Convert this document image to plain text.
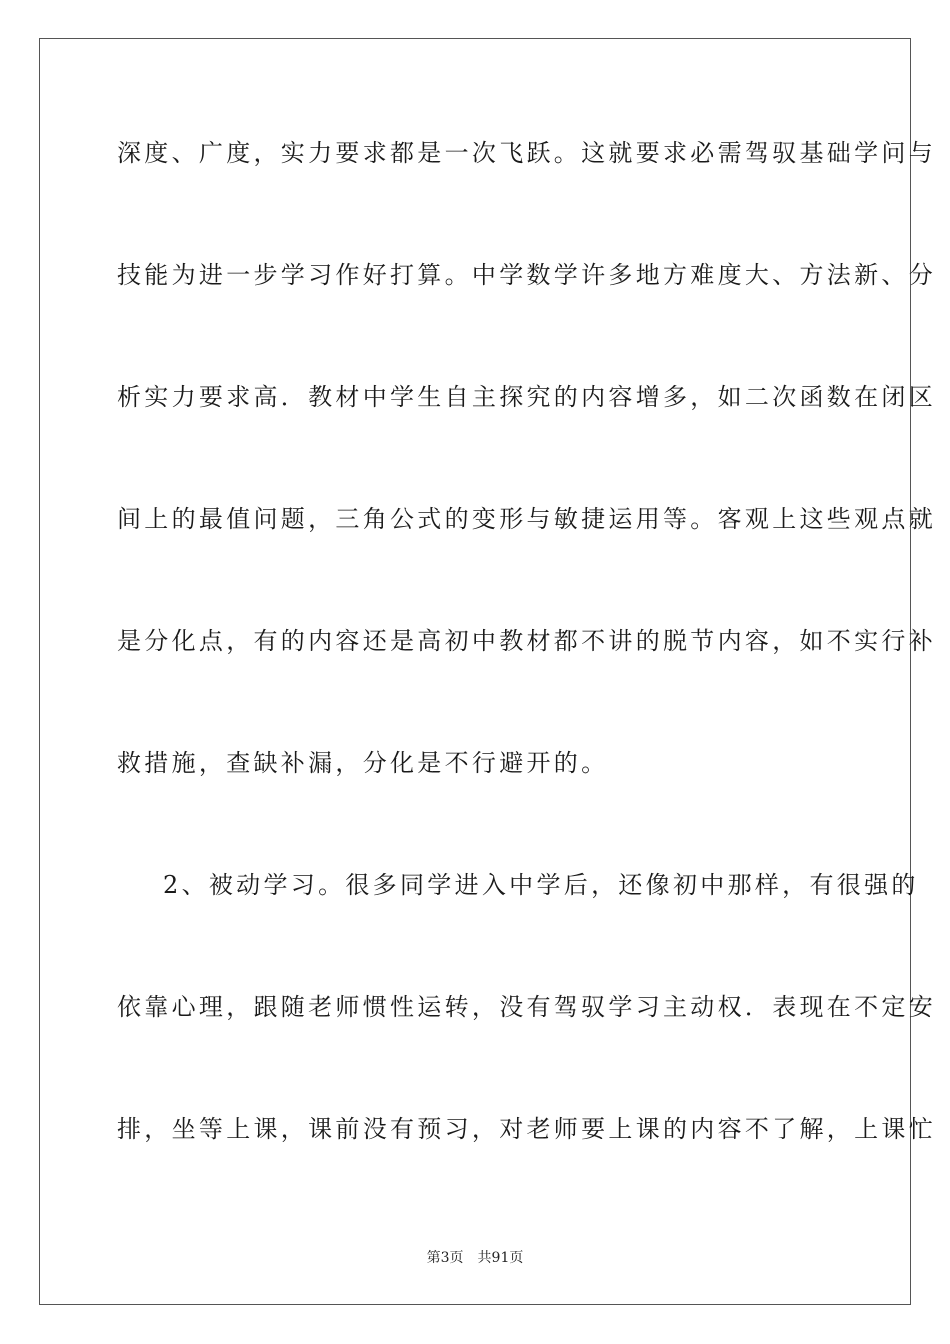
深度、广度，实力要求都是一次飞跃。这就要求必需驾驭基础学问与
技能为进一步学习作好打算。中学数学许多地方难度大、方法新、分
析实力要求高．教材中学生自主探究的内容增多，如二次函数在闭区
间上的最值问题，三角公式的变形与敏捷运用等。客观上这些观点就
是分化点，有的内容还是高初中教材都不讲的脱节内容，如不实行补
救措施，查缺补漏，分化是不行避开的。
2、被动学习。很多同学进入中学后，还像初中那样，有很强的
依靠心理，跟随老师惯性运转，没有驾驭学习主动权．表现在不定安
排，坐等上课，课前没有预习，对老师要上课的内容不了解，上课忙
第3页 共91页
